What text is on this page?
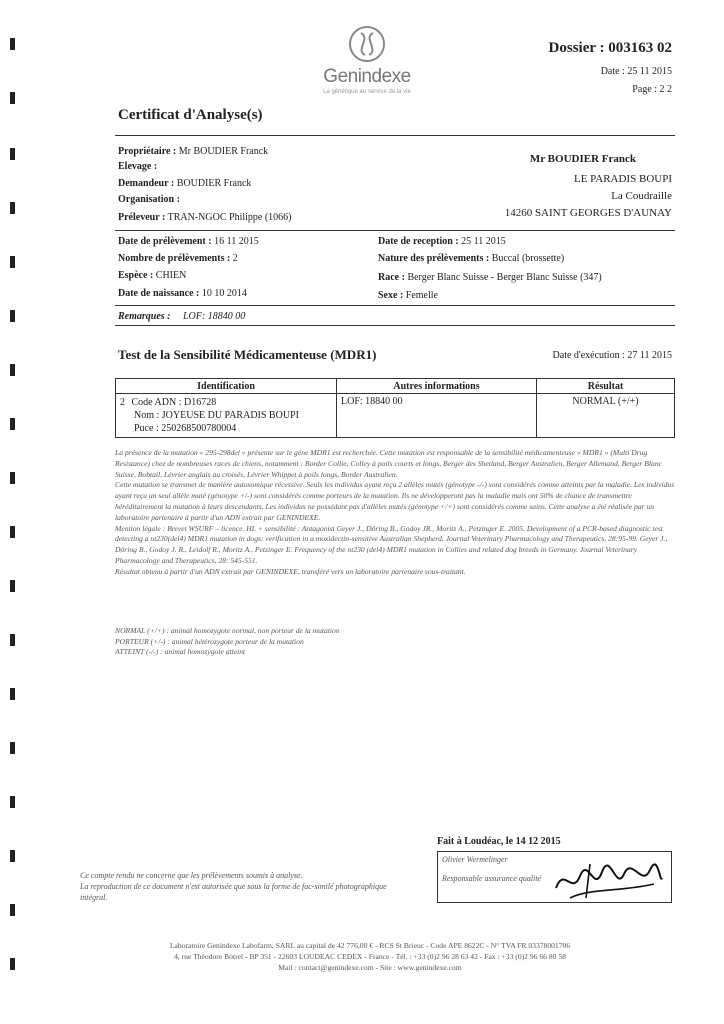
Genindexe
La génétique au service de la vie
Dossier : 003163 02
Date : 25 11 2015
Page : 2 2
Certificat d'Analyse(s)
Propriétaire : Mr BOUDIER Franck
Elevage :
Demandeur : BOUDIER Franck
Organisation :
Préleveur : TRAN-NGOC Philippe (1066)
Mr BOUDIER Franck
LE PARADIS BOUPI
La Coudraille
14260 SAINT GEORGES D'AUNAY
Date de prélèvement : 16 11 2015
Nombre de prélèvements : 2
Espèce : CHIEN
Date de naissance : 10 10 2014
Date de reception : 25 11 2015
Nature des prélèvements : Buccal (brossette)
Race : Berger Blanc Suisse - Berger Blanc Suisse (347)
Sexe : Femelle
Remarques : LOF: 18840 00
Test de la Sensibilité Médicamenteuse (MDR1)	Date d'exécution : 27 11 2015
Identification	Autres informations	Résultat
2 Code ADN : D16728
Nom : JOYEUSE DU PARADIS BOUPI
Puce : 250268500780004	LOF: 18840 00	NORMAL (+/+)

La présence de la mutation « 295-298del » présente sur le gène MDR1 est recherchée. Cette mutation est responsable de la sensibilité médicamenteuse « MDR1 » (Multi Drug Resistance) chez de nombreuses races de chiens, notamment : Border Collie, Colley à poils courts et longs, Berger des Shetland, Berger Australien, Berger Allemand, Berger Blanc Suisse, Bobtail, Lévrier anglais au croisés, Lévrier Whippet à poils longs, Border Australien.

Cette mutation se transmet de manière autosomique récessive. Seuls les individus ayant reçu 2 allèles mutés (génotype -/-) sont considérés comme atteints par la maladie. Les individus ayant reçu un seul allèle muté (génotype +/-) sont considérés comme porteurs de la mutation. Ils ne développeront pas la maladie mais ont 50% de chance de transmettre héréditairement la mutation à leurs descendants. Les individus ne possédant pas d'allèles mutés (génotype +/+) sont considérés comme sains. Cette analyse a été réalisée par un laboratoire partenaire à partir d'un ADN extrait par GENINDEXE.

Mention légale : Brevet WSURF – licence. HL + sensibilité : Antagonist Geyer J., Döring B., Godoy JR., Moritz A., Petzinger E. 2005. Development of a PCR-based diagnostic test detecting a nt230(del4) MDR1 mutation in dogs: verification in a moxidectin-sensitive Australian Shepherd. Journal Veterinary Pharmacology and Therapeutics, 28:95-99. Geyer J., Döring B., Godoy J. R., Leidolf R., Moritz A., Petzinger E. Frequency of the nt230 (del4) MDR1 mutation in Collies and related dog breeds in Germany. Journal Veterinary Pharmacology and Therapeutics, 28: 545-551.

Résultat obtenu à partir d'un ADN extrait par GENINDEXE, transféré vers un laboratoire partenaire sous-traitant.

NORMAL (+/+) : animal homozygote normal, non porteur de la mutation
PORTEUR (+/-) : animal hétérozygote porteur de la mutation
ATTEINT (-/-) : animal homozygote atteint
Fait à Loudéac, le 14 12 2015
Olivier Wermelinger
Responsable assurance qualité
Ce compte rendu ne concerne que les prélèvements soumis à analyse.
La reproduction de ce document n'est autorisée que sous la forme de fac-similé photographique intégral.
Laboratoire Genindexe Labofarm, SARL au capital de 42 776,00 € - RCS St Brieuc - Code APE 8622C - N° TVA FR 03378001706
4, rue Théodore Botrel - BP 351 - 22603 LOUDEAC CEDEX - France - Tél. : +33 (0)2 96 28 63 42 - Fax : +33 (0)2 96 66 80 58
Mail : contact@genindexe.com - Site : www.genindexe.com
